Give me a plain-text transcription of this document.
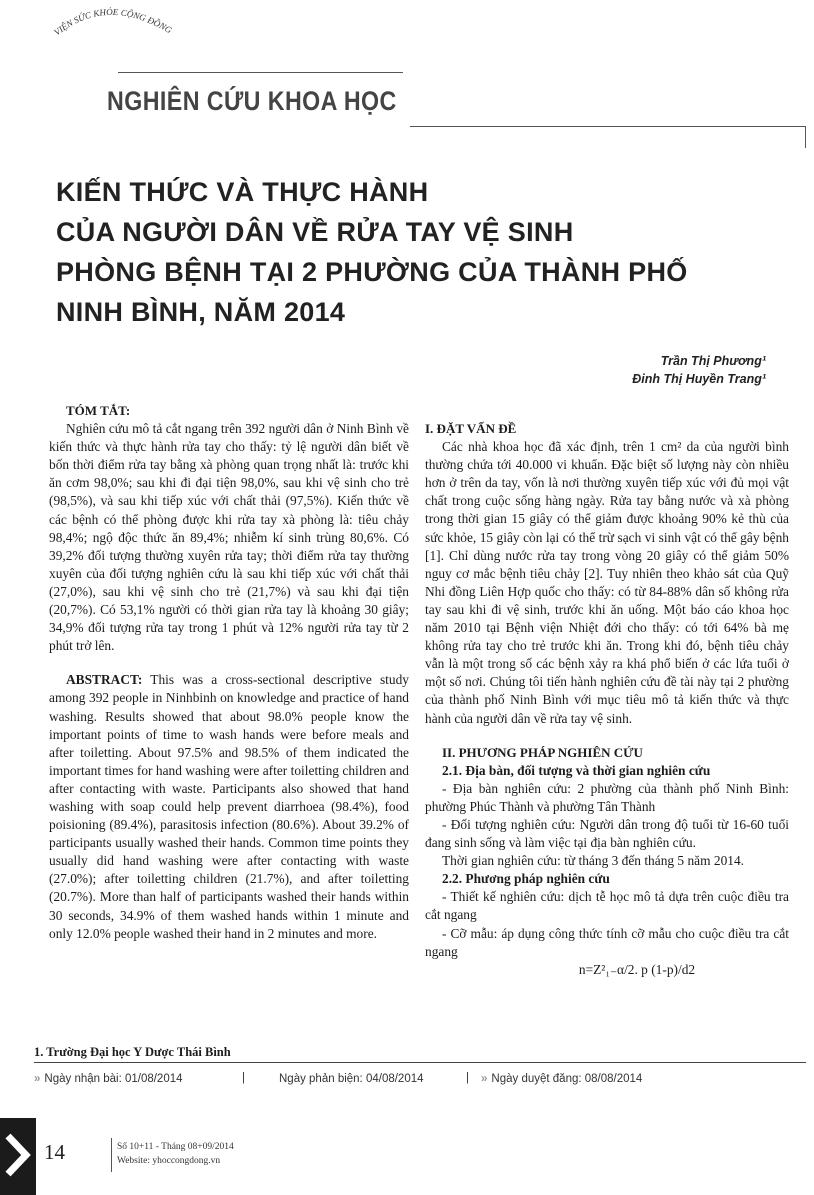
VIỆN SỨC KHỎE CỘNG ĐỒNG
NGHIÊN CỨU KHOA HỌC
KIẾN THỨC VÀ THỰC HÀNH
CỦA NGƯỜI DÂN VỀ RỬA TAY VỆ SINH
PHÒNG BỆNH TẠI 2 PHƯỜNG CỦA THÀNH PHỐ
NINH BÌNH, NĂM 2014
Trần Thị Phương¹
Đinh Thị Huyền Trang¹

TÓM TẮT:

Nghiên cứu mô tả cắt ngang trên 392 người dân ở Ninh Bình về kiến thức và thực hành rửa tay cho thấy: tỷ lệ người dân biết về bốn thời điểm rửa tay bằng xà phòng quan trọng nhất là: trước khi ăn cơm 98,0%; sau khi đi đại tiện 98,0%, sau khi vệ sinh cho trẻ (98,5%), và sau khi tiếp xúc với chất thải (97,5%). Kiến thức về các bệnh có thể phòng được khi rửa tay xà phòng là: tiêu chảy 98,4%; ngộ độc thức ăn 89,4%; nhiễm kí sinh trùng 80,6%. Có 39,2% đối tượng thường xuyên rửa tay; thời điểm rửa tay thường xuyên của đối tượng nghiên cứu là sau khi tiếp xúc với chất thải (27,0%), sau khi vệ sinh cho trẻ (21,7%) và sau khi đại tiện (20,7%). Có 53,1% người có thời gian rửa tay là khoảng 30 giây; 34,9% đối tượng rửa tay trong 1 phút và 12% người rửa tay từ 2 phút trở lên.

ABSTRACT: This was a cross-sectional descriptive study among 392 people in Ninhbinh on knowledge and practice of hand washing. Results showed that about 98.0% people know the important points of time to wash hands were before meals and after toiletting. About 97.5% and 98.5% of them indicated the important times for hand washing were after toiletting children and after contacting with waste. Participants also showed that hand washing with soap could help prevent diarrhoea (98.4%), food poisioning (89.4%), parasitosis infection (80.6%). About 39.2% of participants usually washed their hands. Common time points they usually did hand washing were after contacting with waste (27.0%); after toiletting children (21.7%), and after toiletting (20.7%). More than half of participants washed their hands within 30 seconds, 34.9% of them washed hands within 1 minute and only 12.0% people washed their hand in 2 minutes and more.

I. ĐẶT VẤN ĐỀ

Các nhà khoa học đã xác định, trên 1 cm² da của người bình thường chứa tới 40.000 vi khuẩn. Đặc biệt số lượng này còn nhiều hơn ở trên da tay, vốn là nơi thường xuyên tiếp xúc với đủ mọi vật chất trong cuộc sống hàng ngày. Rửa tay bằng nước và xà phòng trong thời gian 15 giây có thể giảm được khoảng 90% kẻ thù của sức khỏe, 15 giây còn lại có thể trừ sạch vi sinh vật có thể gây bệnh [1]. Chỉ dùng nước rửa tay trong vòng 20 giây có thể giảm 50% nguy cơ mắc bệnh tiêu chảy [2]. Tuy nhiên theo khảo sát của Quỹ Nhi đồng Liên Hợp quốc cho thấy: có từ 84-88% dân số không rửa tay sau khi đi vệ sinh, trước khi ăn uống. Một báo cáo khoa học năm 2010 tại Bệnh viện Nhiệt đới cho thấy: có tới 64% bà mẹ không rửa tay cho trẻ trước khi ăn. Trong khi đó, bệnh tiêu chảy vẫn là một trong số các bệnh xảy ra khá phổ biến ở các lứa tuổi ở một số nơi. Chúng tôi tiến hành nghiên cứu đề tài này tại 2 phường của thành phố Ninh Bình với mục tiêu mô tả kiến thức và thực hành của người dân về rửa tay vệ sinh.

II. PHƯƠNG PHÁP NGHIÊN CỨU

2.1. Địa bàn, đối tượng và thời gian nghiên cứu

- Địa bàn nghiên cứu: 2 phường của thành phố Ninh Bình: phường Phúc Thành và phường Tân Thành

- Đối tượng nghiên cứu: Người dân trong độ tuổi từ 16-60 tuổi đang sinh sống và làm việc tại địa bàn nghiên cứu.

Thời gian nghiên cứu: từ tháng 3 đến tháng 5 năm 2014.

2.2. Phương pháp nghiên cứu

- Thiết kế nghiên cứu: dịch tễ học mô tả dựa trên cuộc điều tra cắt ngang

- Cỡ mẫu: áp dụng công thức tính cỡ mẫu cho cuộc điều tra cắt ngang

n=Z²₁₋α/2. p (1-p)/d2

1. Trường Đại học Y Dược Thái Bình
» Ngày nhận bài: 01/08/2014	|	Ngày phản biện: 04/08/2014	| » Ngày duyệt đăng: 08/08/2014
14	Số 10+11 - Tháng 08+09/2014
Website: yhoccongdong.vn
